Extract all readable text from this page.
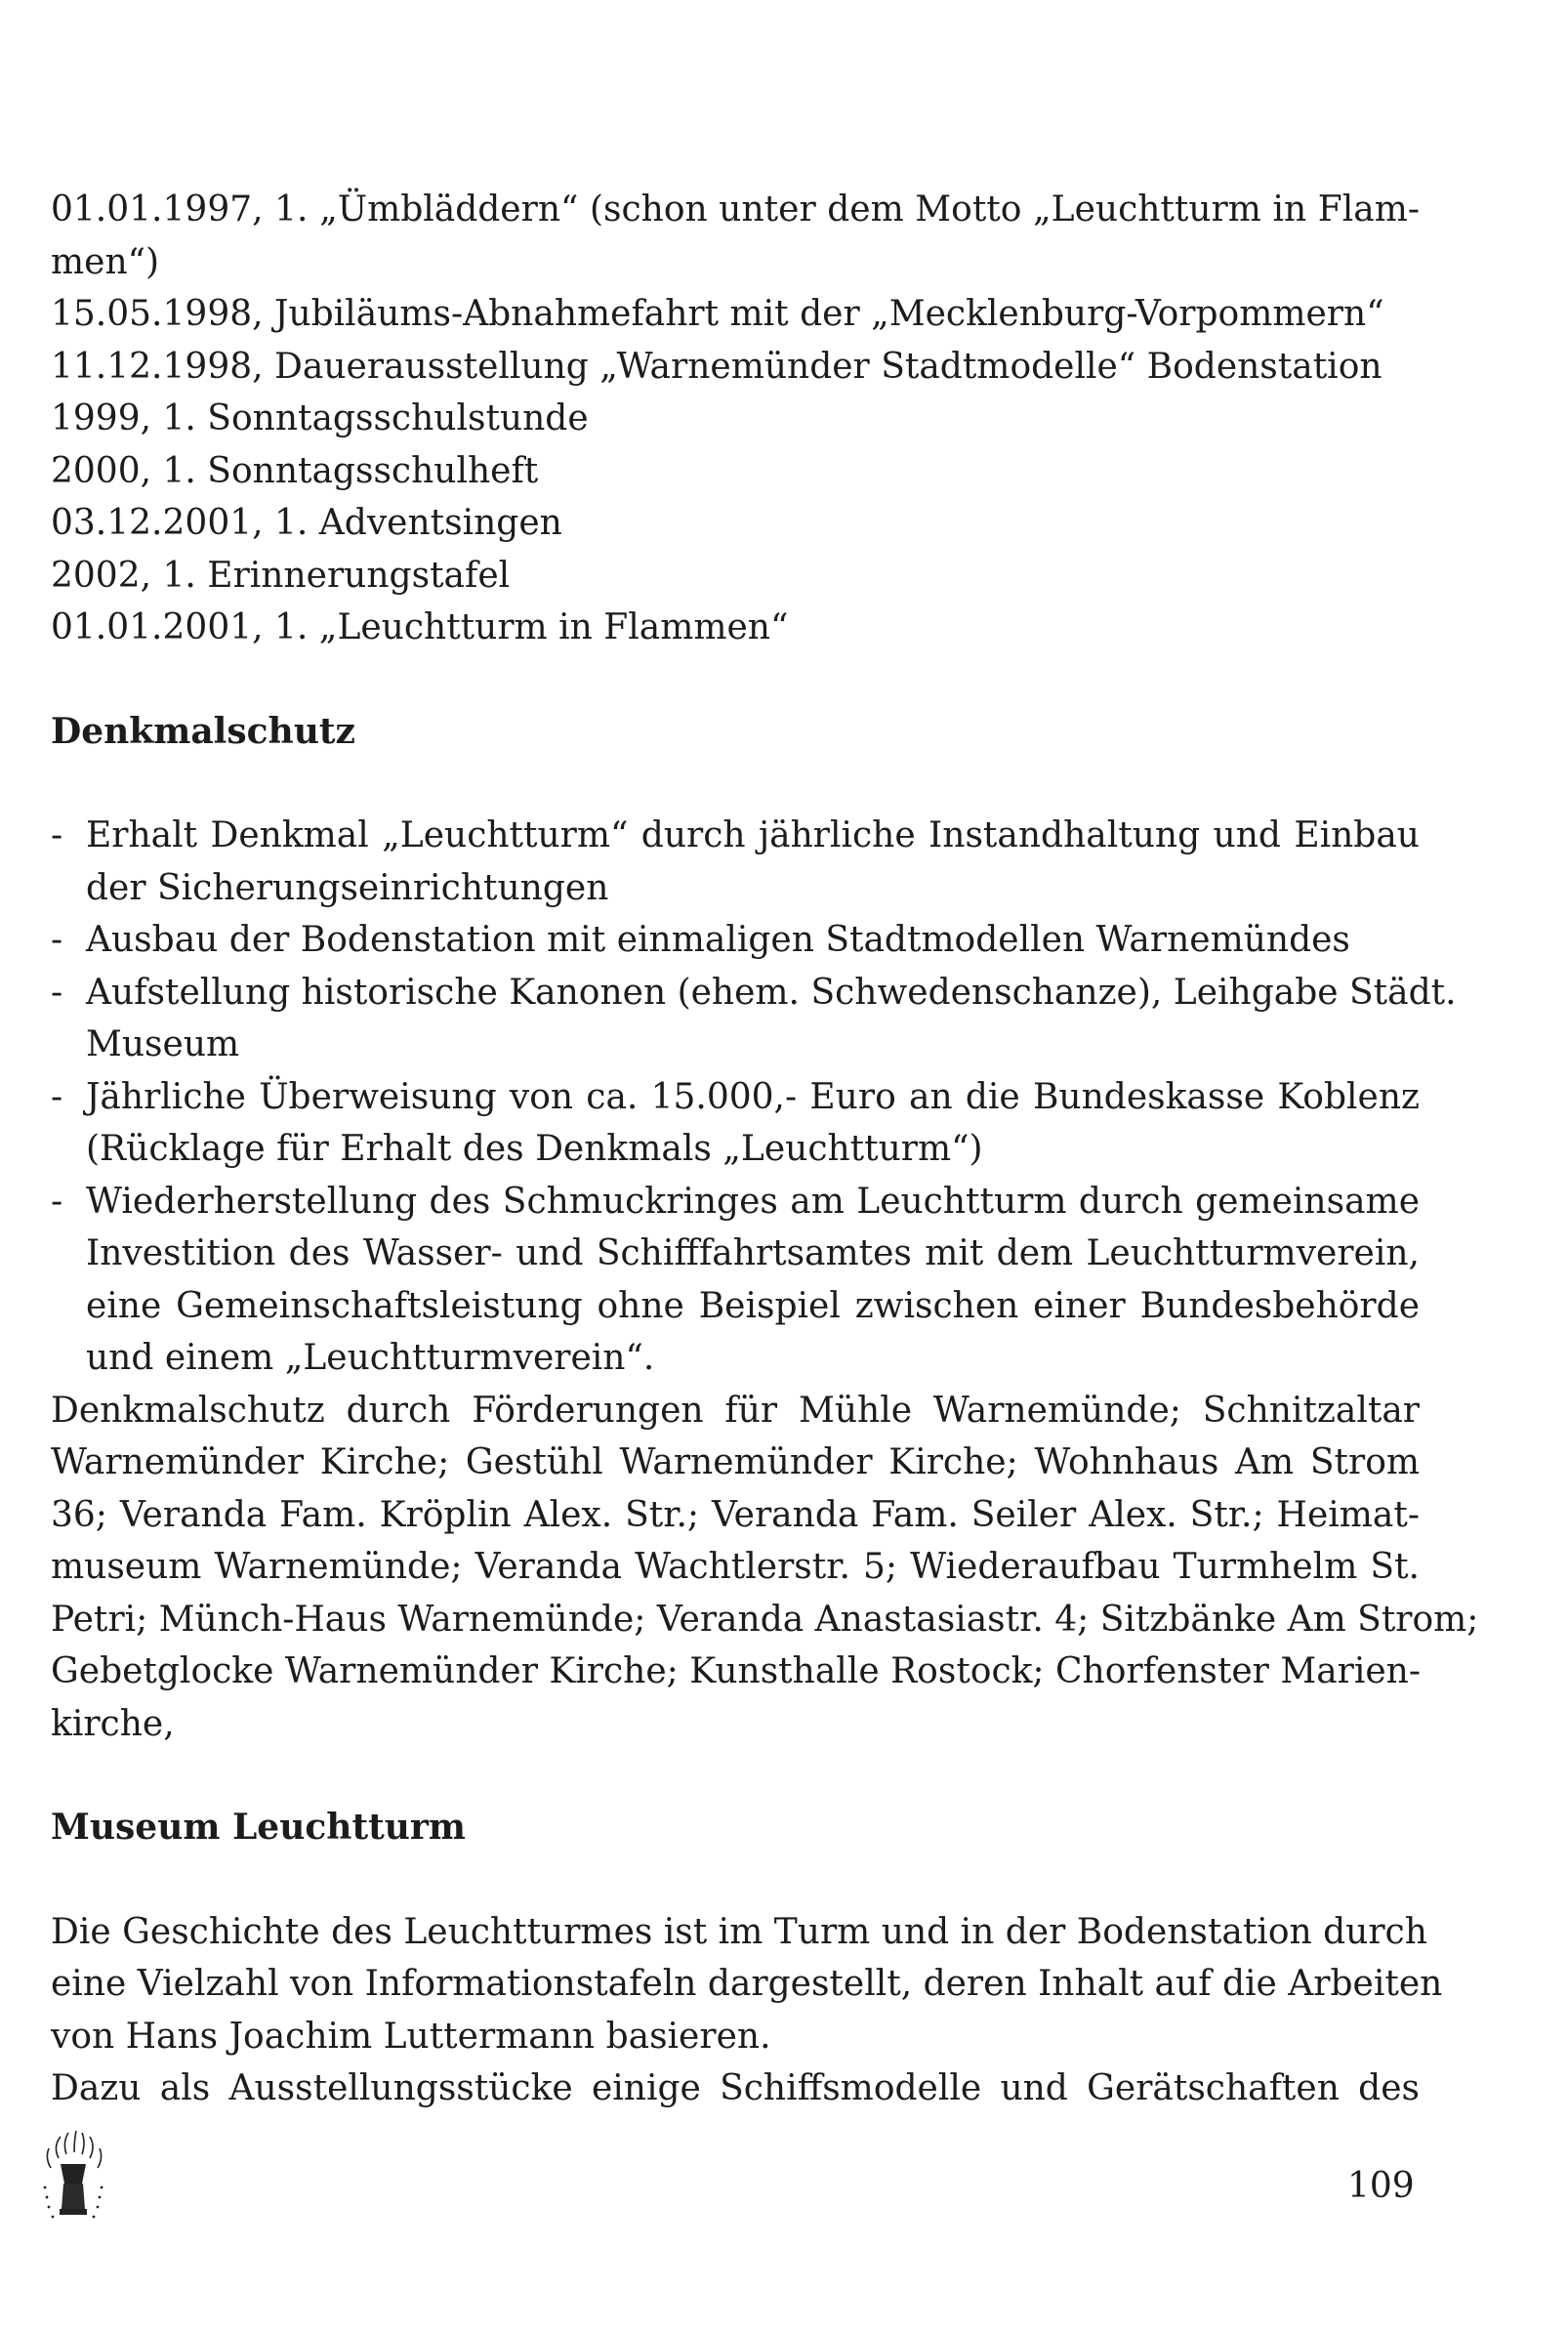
01.01.1997, 1. „Ümbläddern“ (schon unter dem Motto „Leuchtturm in Flam-
men“)
15.05.1998, Jubiläums-Abnahmefahrt mit der „Mecklenburg-Vorpommern“
11.12.1998, Dauerausstellung „Warnemünder Stadtmodelle“ Bodenstation
1999, 1. Sonntagsschulstunde
2000, 1. Sonntagsschulheft
03.12.2001, 1. Adventsingen
2002, 1. Erinnerungstafel
01.01.2001, 1. „Leuchtturm in Flammen“
Denkmalschutz
- Erhalt Denkmal „Leuchtturm“ durch jährliche Instandhaltung und Einbau
der Sicherungseinrichtungen
- Ausbau der Bodenstation mit einmaligen Stadtmodellen Warnemündes
- Aufstellung historische Kanonen (ehem. Schwedenschanze), Leihgabe Städt.
Museum
- Jährliche Überweisung von ca. 15.000,- Euro an die Bundeskasse Koblenz
(Rücklage für Erhalt des Denkmals „Leuchtturm“)
- Wiederherstellung des Schmuckringes am Leuchtturm durch gemeinsame
Investition des Wasser- und Schifffahrtsamtes mit dem Leuchtturmverein,
eine Gemeinschaftsleistung ohne Beispiel zwischen einer Bundesbehörde
und einem „Leuchtturmverein“.
Denkmalschutz durch Förderungen für Mühle Warnemünde; Schnitzaltar
Warnemünder Kirche; Gestühl Warnemünder Kirche; Wohnhaus Am Strom
36; Veranda Fam. Kröplin Alex. Str.; Veranda Fam. Seiler Alex. Str.; Heimat-
museum Warnemünde; Veranda Wachtlerstr. 5; Wiederaufbau Turmhelm St.
Petri; Münch-Haus Warnemünde; Veranda Anastasiastr. 4; Sitzbänke Am Strom;
Gebetglocke Warnemünder Kirche; Kunsthalle Rostock; Chorfenster Marien-
kirche,
Museum Leuchtturm
Die Geschichte des Leuchtturmes ist im Turm und in der Bodenstation durch
eine Vielzahl von Informationstafeln dargestellt, deren Inhalt auf die Arbeiten
von Hans Joachim Luttermann basieren.
Dazu als Ausstellungsstücke einige Schiffsmodelle und Gerätschaften des
109
